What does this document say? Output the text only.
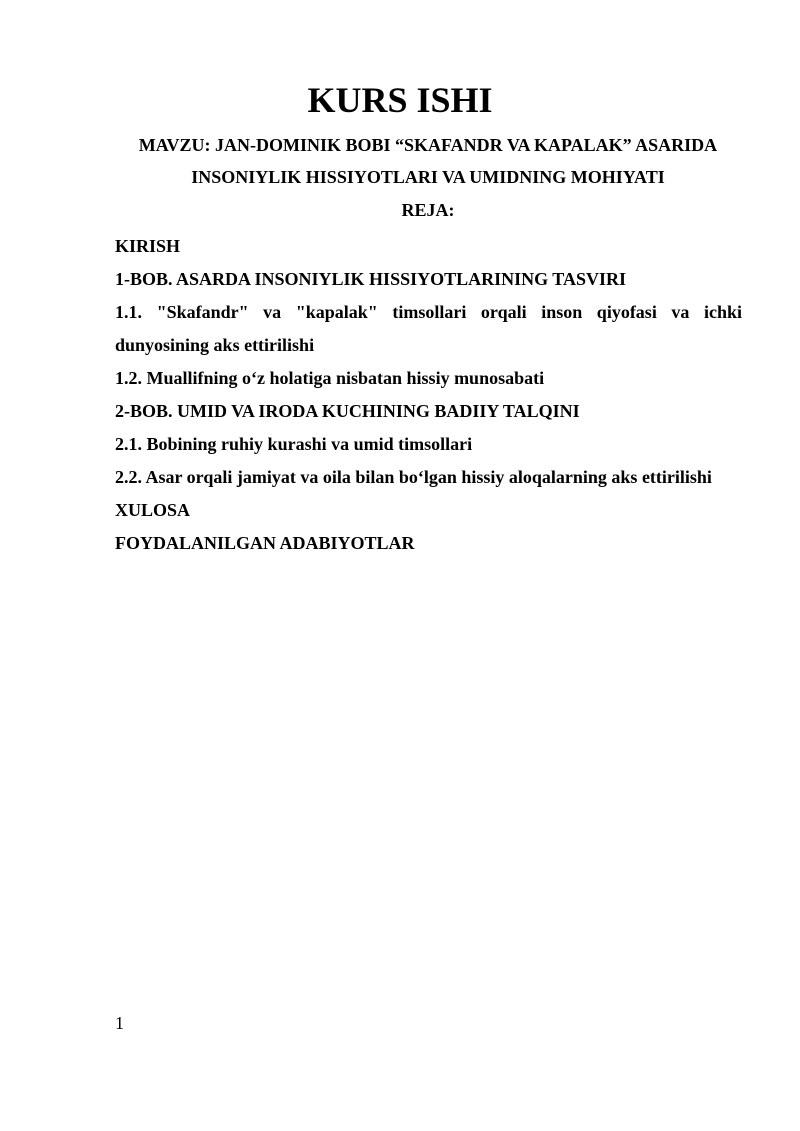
KURS ISHI
MAVZU: JAN-DOMINIK BOBI “SKAFANDR VA KAPALAK” ASARIDA
INSONIYLIK HISSIYOTLARI VA UMIDNING MOHIYATI
REJA:
KIRISH
1-BOB. ASARDA INSONIYLIK HISSIYOTLARINING TASVIRI
1.1. "Skafandr" va "kapalak" timsollari orqali inson qiyofasi va ichki dunyosining aks ettirilishi
1.2. Muallifning o‘z holatiga nisbatan hissiy munosabati
2-BOB. UMID VA IRODA KUCHINING BADIIY TALQINI
2.1. Bobining ruhiy kurashi va umid timsollari
2.2. Asar orqali jamiyat va oila bilan bo‘lgan hissiy aloqalarning aks ettirilishi
XULOSA
FOYDALANILGAN ADABIYOTLAR
1
